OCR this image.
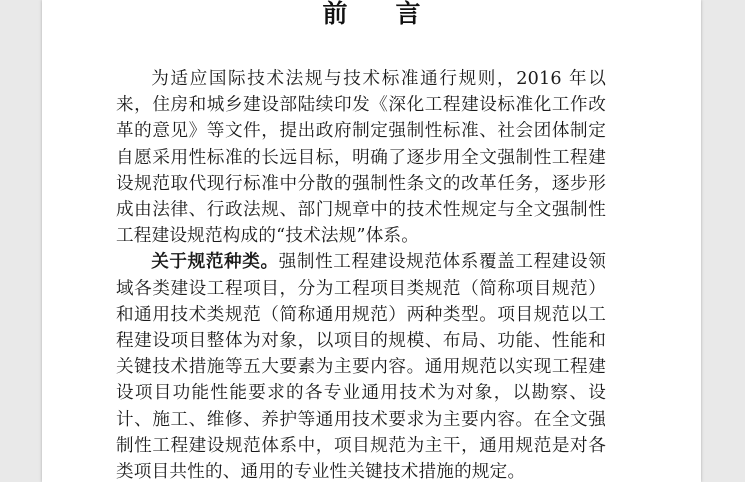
前言

为适应国际技术法规与技术标准通行规则，2016 年以来，住房和城乡建设部陆续印发《深化工程建设标准化工作改革的意见》等文件，提出政府制定强制性标准、社会团体制定自愿采用性标准的长远目标，明确了逐步用全文强制性工程建设规范取代现行标准中分散的强制性条文的改革任务，逐步形成由法律、行政法规、部门规章中的技术性规定与全文强制性工程建设规范构成的“技术法规”体系。

关于规范种类。强制性工程建设规范体系覆盖工程建设领域各类建设工程项目，分为工程项目类规范（简称项目规范）和通用技术类规范（简称通用规范）两种类型。项目规范以工程建设项目整体为对象，以项目的规模、布局、功能、性能和关键技术措施等五大要素为主要内容。通用规范以实现工程建设项目功能性能要求的各专业通用技术为对象，以勘察、设计、施工、维修、养护等通用技术要求为主要内容。在全文强制性工程建设规范体系中，项目规范为主干，通用规范是对各类项目共性的、通用的专业性关键技术措施的规定。
